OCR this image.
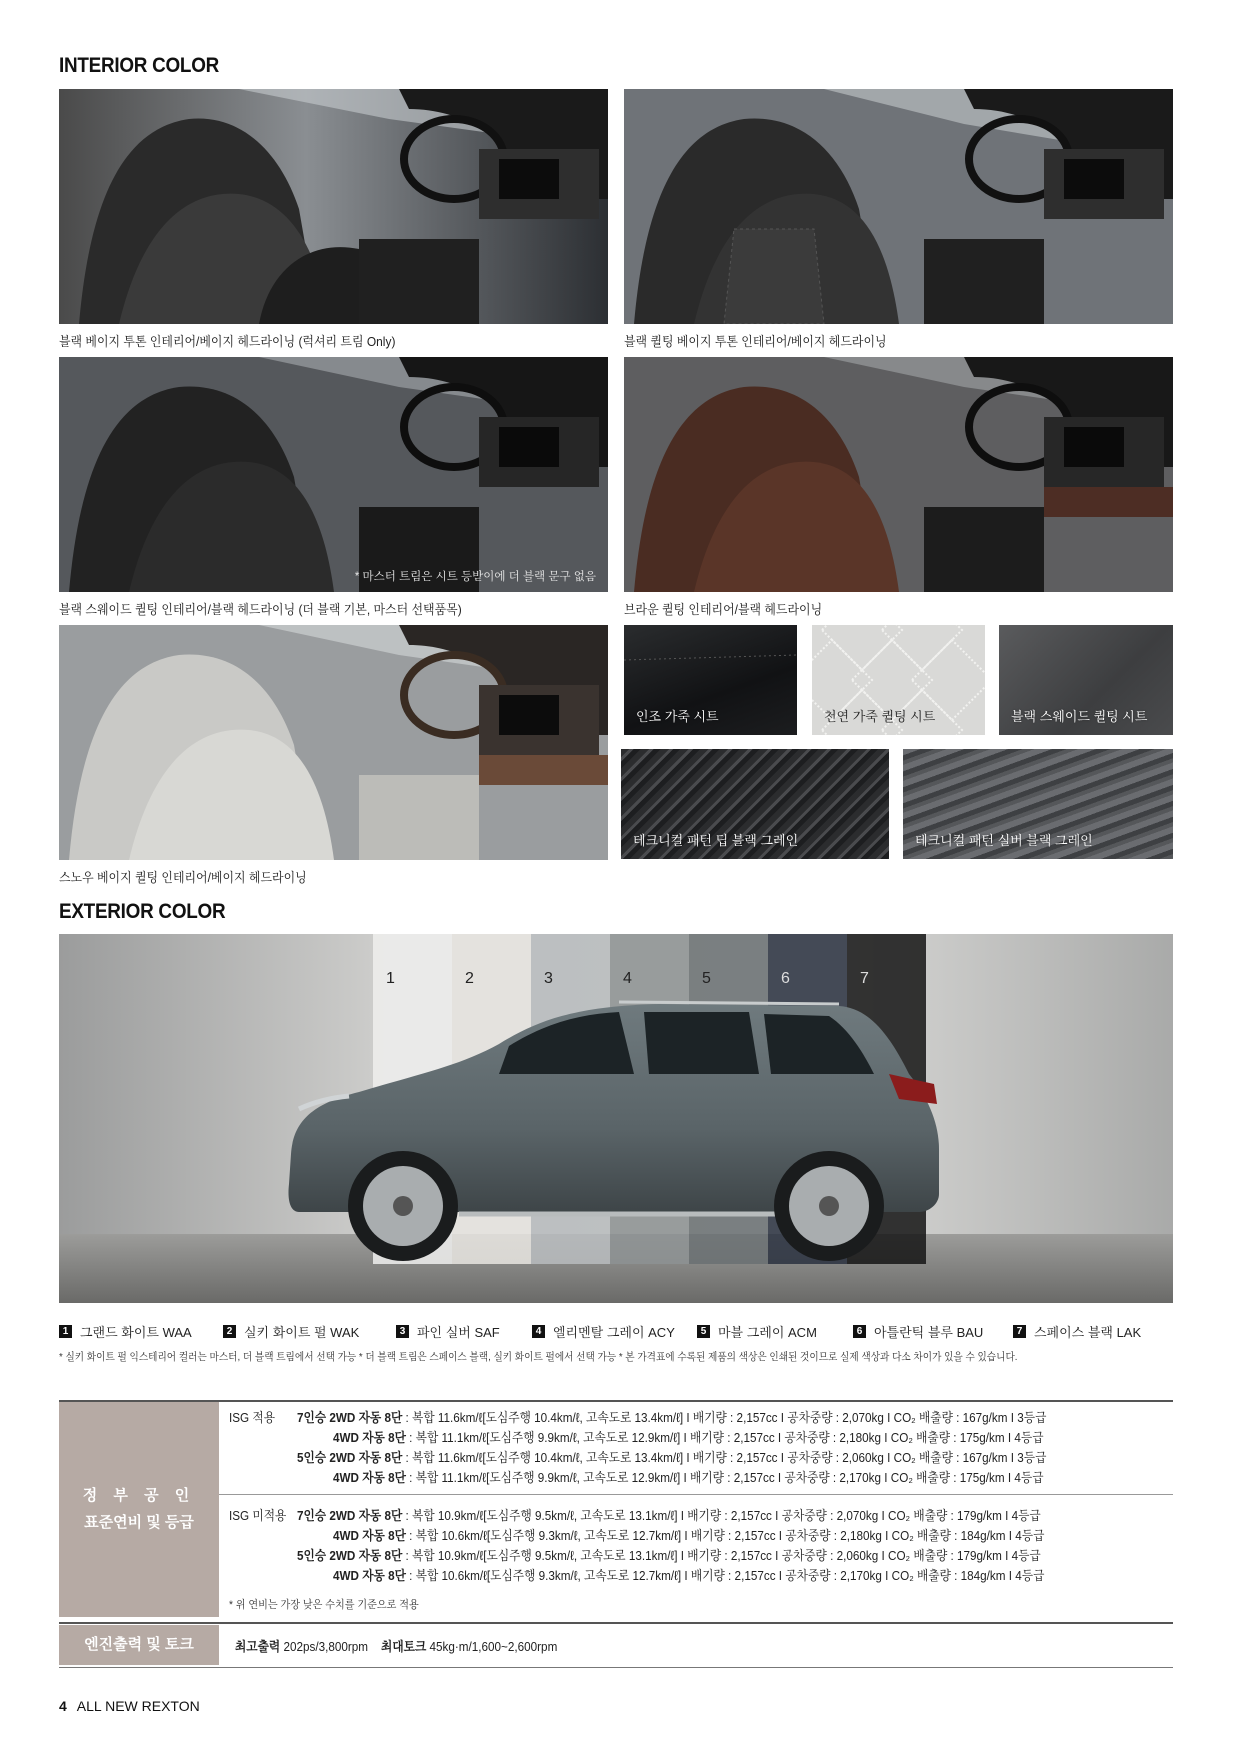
INTERIOR COLOR
블랙 베이지 투톤 인테리어/베이지 헤드라이닝 (럭셔리 트림 Only)	블랙 퀼팅 베이지 투톤 인테리어/베이지 헤드라이닝
* 마스터 트림은 시트 등받이에 더 블랙 문구 없음
블랙 스웨이드 퀼팅 인테리어/블랙 헤드라이닝 (더 블랙 기본, 마스터 선택품목)	브라운 퀼팅 인테리어/블랙 헤드라이닝
스노우 베이지 퀼팅 인테리어/베이지 헤드라이닝
인조 가죽 시트	천연 가죽 퀼팅 시트	블랙 스웨이드 퀼팅 시트
테크니컬 패턴 딥 블랙 그레인	테크니컬 패턴 실버 블랙 그레인
EXTERIOR COLOR
1	2	3	4	5	6	7
1 그랜드 화이트 WAA	2 실키 화이트 펄 WAK	3 파인 실버 SAF	4 엘리멘탈 그레이 ACY	5 마블 그레이 ACM	6 아틀란틱 블루 BAU	7 스페이스 블랙 LAK
* 실키 화이트 펄 익스테리어 컬러는 마스터, 더 블랙 트림에서 선택 가능 * 더 블랙 트림은 스페이스 블랙, 실키 화이트 펄에서 선택 가능 * 본 가격표에 수록된 제품의 색상은 인쇄된 것이므로 실제 색상과 다소 차이가 있을 수 있습니다.
정 부 공 인
표준연비 및 등급
ISG 적용 7인승 2WD 자동 8단 : 복합 11.6km/ℓ[도심주행 10.4km/ℓ, 고속도로 13.4km/ℓ] I 배기량 : 2,157cc I 공차중량 : 2,070kg I CO₂ 배출량 : 167g/km I 3등급
4WD 자동 8단 : 복합 11.1km/ℓ[도심주행 9.9km/ℓ, 고속도로 12.9km/ℓ] I 배기량 : 2,157cc I 공차중량 : 2,180kg I CO₂ 배출량 : 175g/km I 4등급
5인승 2WD 자동 8단 : 복합 11.6km/ℓ[도심주행 10.4km/ℓ, 고속도로 13.4km/ℓ] I 배기량 : 2,157cc I 공차중량 : 2,060kg I CO₂ 배출량 : 167g/km I 3등급
4WD 자동 8단 : 복합 11.1km/ℓ[도심주행 9.9km/ℓ, 고속도로 12.9km/ℓ] I 배기량 : 2,157cc I 공차중량 : 2,170kg I CO₂ 배출량 : 175g/km I 4등급
ISG 미적용 7인승 2WD 자동 8단 : 복합 10.9km/ℓ[도심주행 9.5km/ℓ, 고속도로 13.1km/ℓ] I 배기량 : 2,157cc I 공차중량 : 2,070kg I CO₂ 배출량 : 179g/km I 4등급
4WD 자동 8단 : 복합 10.6km/ℓ[도심주행 9.3km/ℓ, 고속도로 12.7km/ℓ] I 배기량 : 2,157cc I 공차중량 : 2,180kg I CO₂ 배출량 : 184g/km I 4등급
5인승 2WD 자동 8단 : 복합 10.9km/ℓ[도심주행 9.5km/ℓ, 고속도로 13.1km/ℓ] I 배기량 : 2,157cc I 공차중량 : 2,060kg I CO₂ 배출량 : 179g/km I 4등급
4WD 자동 8단 : 복합 10.6km/ℓ[도심주행 9.3km/ℓ, 고속도로 12.7km/ℓ] I 배기량 : 2,157cc I 공차중량 : 2,170kg I CO₂ 배출량 : 184g/km I 4등급
* 위 연비는 가장 낮은 수치를 기준으로 적용
엔진출력 및 토크	최고출력 202ps/3,800rpm 최대토크 45kg·m/1,600~2,600rpm
4 ALL NEW REXTON
